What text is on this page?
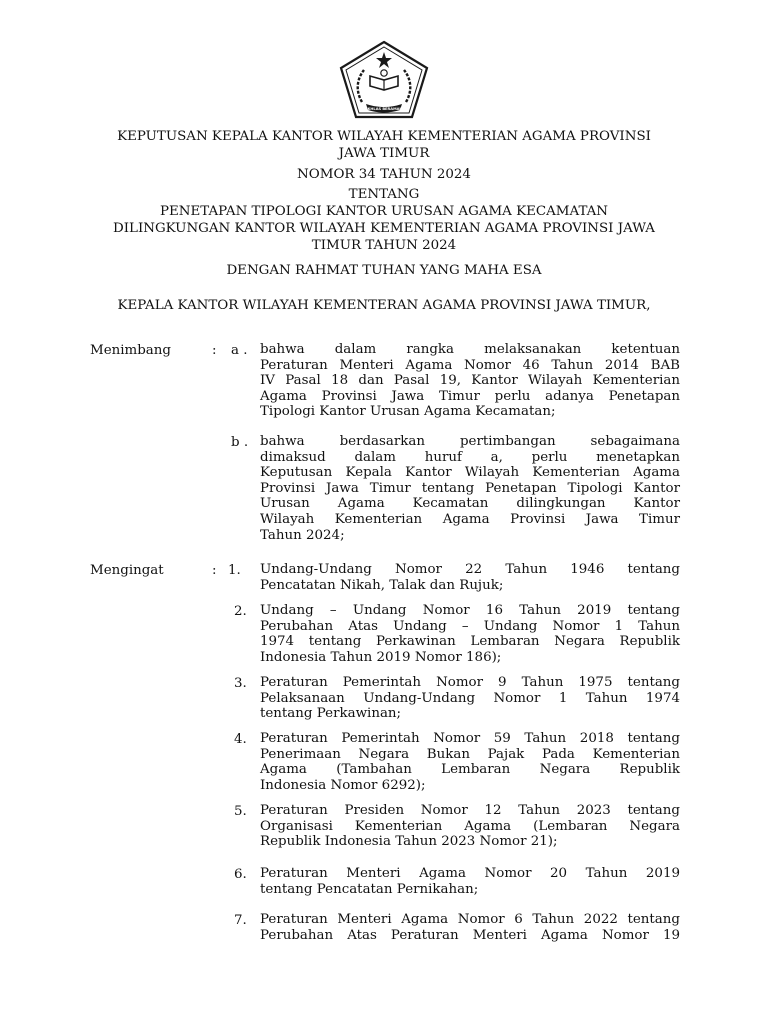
IKHLAS BERAMAL
KEPUTUSAN KEPALA KANTOR WILAYAH KEMENTERIAN AGAMA PROVINSI
JAWA TIMUR
NOMOR 34 TAHUN 2024
TENTANG
PENETAPAN TIPOLOGI KANTOR URUSAN AGAMA KECAMATAN
DILINGKUNGAN KANTOR WILAYAH KEMENTERIAN AGAMA PROVINSI JAWA
TIMUR TAHUN 2024
DENGAN RAHMAT TUHAN YANG MAHA ESA
KEPALA KANTOR WILAYAH KEMENTERAN AGAMA PROVINSI JAWA TIMUR,
Menimbang	: a . bahwa dalam rangka melaksanakan ketentuan
Peraturan Menteri Agama Nomor 46 Tahun 2014 BAB
IV Pasal 18 dan Pasal 19, Kantor Wilayah Kementerian
Agama Provinsi Jawa Timur perlu adanya Penetapan
Tipologi Kantor Urusan Agama Kecamatan;
b . bahwa berdasarkan pertimbangan sebagaimana
dimaksud dalam huruf a, perlu menetapkan
Keputusan Kepala Kantor Wilayah Kementerian Agama
Provinsi Jawa Timur tentang Penetapan Tipologi Kantor
Urusan Agama Kecamatan dilingkungan Kantor
Wilayah Kementerian Agama Provinsi Jawa Timur
Tahun 2024;
Mengingat	: 1. Undang-Undang Nomor 22 Tahun 1946 tentang
Pencatatan Nikah, Talak dan Rujuk;
2. Undang – Undang Nomor 16 Tahun 2019 tentang
Perubahan Atas Undang – Undang Nomor 1 Tahun
1974 tentang Perkawinan Lembaran Negara Republik
Indonesia Tahun 2019 Nomor 186);
3. Peraturan Pemerintah Nomor 9 Tahun 1975 tentang
Pelaksanaan Undang-Undang Nomor 1 Tahun 1974
tentang Perkawinan;
4. Peraturan Pemerintah Nomor 59 Tahun 2018 tentang
Penerimaan Negara Bukan Pajak Pada Kementerian
Agama (Tambahan Lembaran Negara Republik
Indonesia Nomor 6292);
5. Peraturan Presiden Nomor 12 Tahun 2023 tentang
Organisasi Kementerian Agama (Lembaran Negara
Republik Indonesia Tahun 2023 Nomor 21);
6. Peraturan Menteri Agama Nomor 20 Tahun 2019
tentang Pencatatan Pernikahan;
7. Peraturan Menteri Agama Nomor 6 Tahun 2022 tentang
Perubahan Atas Peraturan Menteri Agama Nomor 19
